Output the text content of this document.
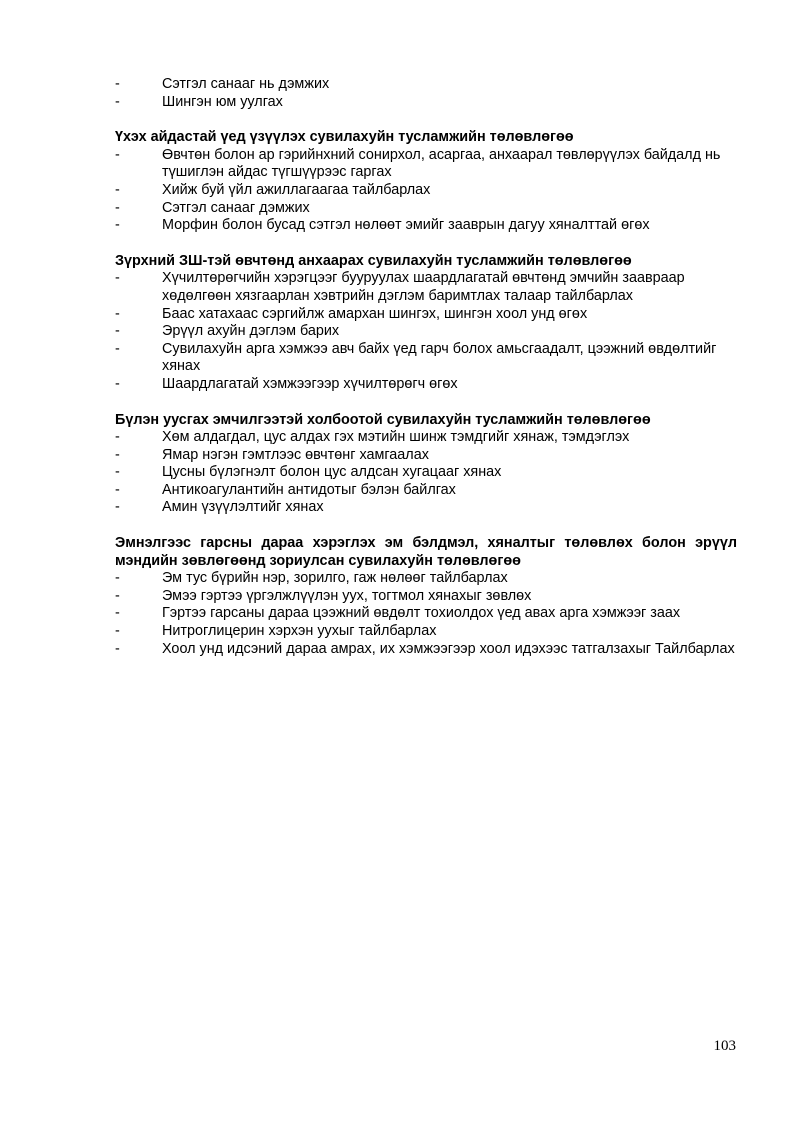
-	Сэтгэл санааг нь дэмжих
-	Шингэн юм уулгах
Үхэх айдастай үед үзүүлэх сувилахуйн тусламжийн төлөвлөгөө
-	Өвчтөн болон ар гэрийнхний сонирхол, асаргаа, анхаарал төвлөрүүлэх байдалд нь түшиглэн айдас түгшүүрээс гаргах
-	Хийж буй үйл ажиллагаагаа тайлбарлах
-	Сэтгэл санааг дэмжих
-	Морфин болон бусад сэтгэл нөлөөт эмийг зааврын дагуу хяналттай өгөх
Зүрхний ЗШ-тэй өвчтөнд анхаарах сувилахуйн тусламжийн төлөвлөгөө
-	Хүчилтөрөгчийн хэрэгцээг бууруулах шаардлагатай өвчтөнд эмчийн заавраар хөдөлгөөн хязгаарлан хэвтрийн дэглэм баримтлах талаар тайлбарлах
-	Баас хатахаас сэргийлж амархан шингэх, шингэн хоол унд өгөх
-	Эрүүл ахуйн дэглэм барих
-	Сувилахуйн арга хэмжээ авч байх үед гарч болох амьсгаадалт, цээжний өвдөлтийг хянах
-	Шаардлагатай хэмжээгээр хүчилтөрөгч өгөх
Бүлэн уусгах эмчилгээтэй холбоотой сувилахуйн тусламжийн төлөвлөгөө
-	Хөм алдагдал, цус алдах гэх мэтийн шинж тэмдгийг хянаж, тэмдэглэх
-	Ямар нэгэн гэмтлээс өвчтөнг хамгаалах
-	Цусны бүлэгнэлт болон цус алдсан хугацааг хянах
-	Антикоагулантийн антидотыг бэлэн байлгах
-	Амин үзүүлэлтийг хянах
Эмнэлгээс гарсны дараа хэрэглэх эм бэлдмэл, хяналтыг төлөвлөх болон эрүүл мэндийн зөвлөгөөнд зориулсан сувилахуйн төлөвлөгөө
-	Эм тус бүрийн нэр, зорилго, гаж нөлөөг тайлбарлах
-	Эмээ гэртээ үргэлжлүүлэн уух, тогтмол хянахыг зөвлөх
-	Гэртээ гарсаны дараа цээжний өвдөлт тохиолдох үед авах арга хэмжээг заах
-	Нитроглицерин хэрхэн уухыг тайлбарлах
-	Хоол унд идсэний дараа амрах, их хэмжээгээр хоол идэхээс татгалзахыг Тайлбарлах
103
